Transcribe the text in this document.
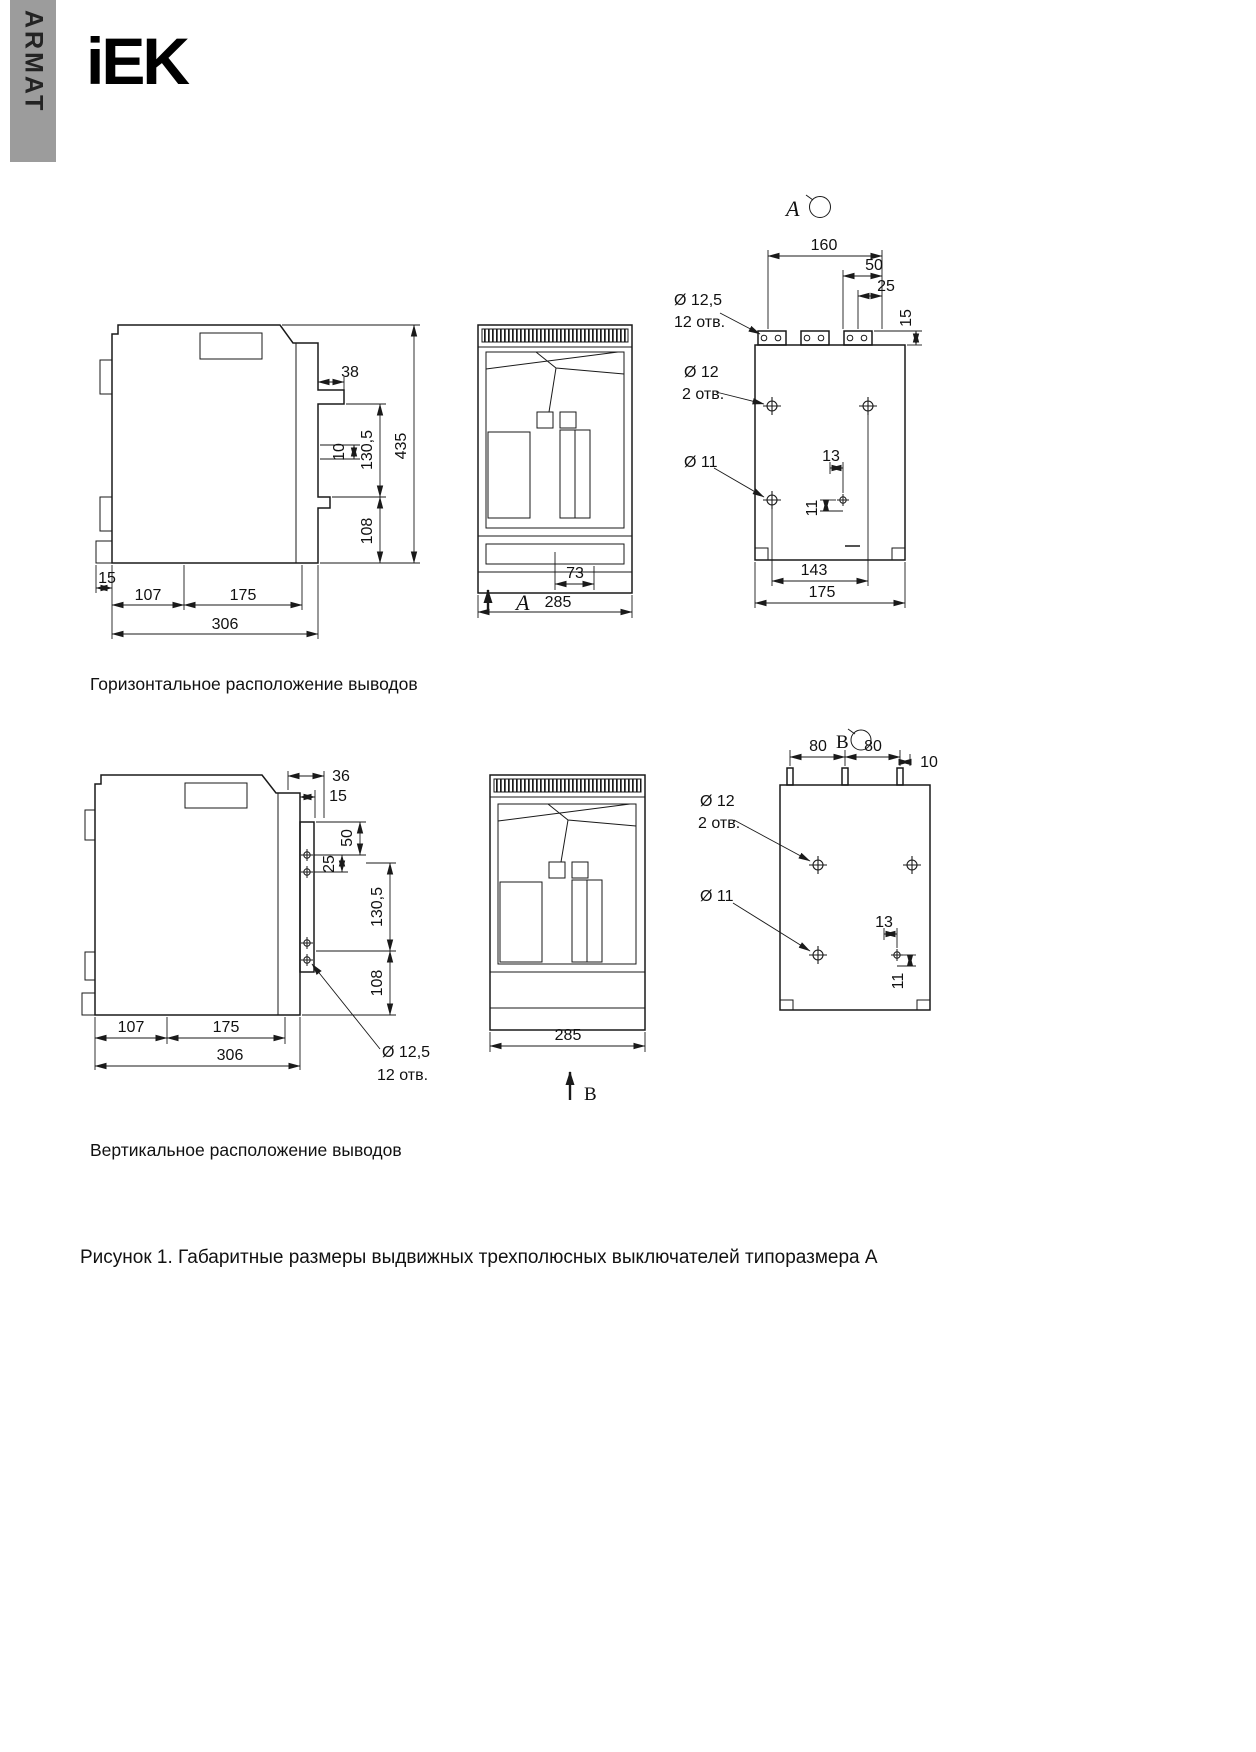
ARMAT iEK
38
10 130,5
108
435
15
107	175
306
73
285
A
A
160
50
25
15
Ø 12,5
12 отв.
Ø 12
2 отв.
Ø 11	13
11
143
175
36
15
50
25
130,5
108
107	175
306	Ø 12,5
12 отв.
285
В
В
80 80
10
Ø 12
2 отв.
Ø 11
13
11
Горизонтальное расположение выводов
Вертикальное расположение выводов
Рисунок 1. Габаритные размеры выдвижных трехполюсных выключателей типоразмера А
